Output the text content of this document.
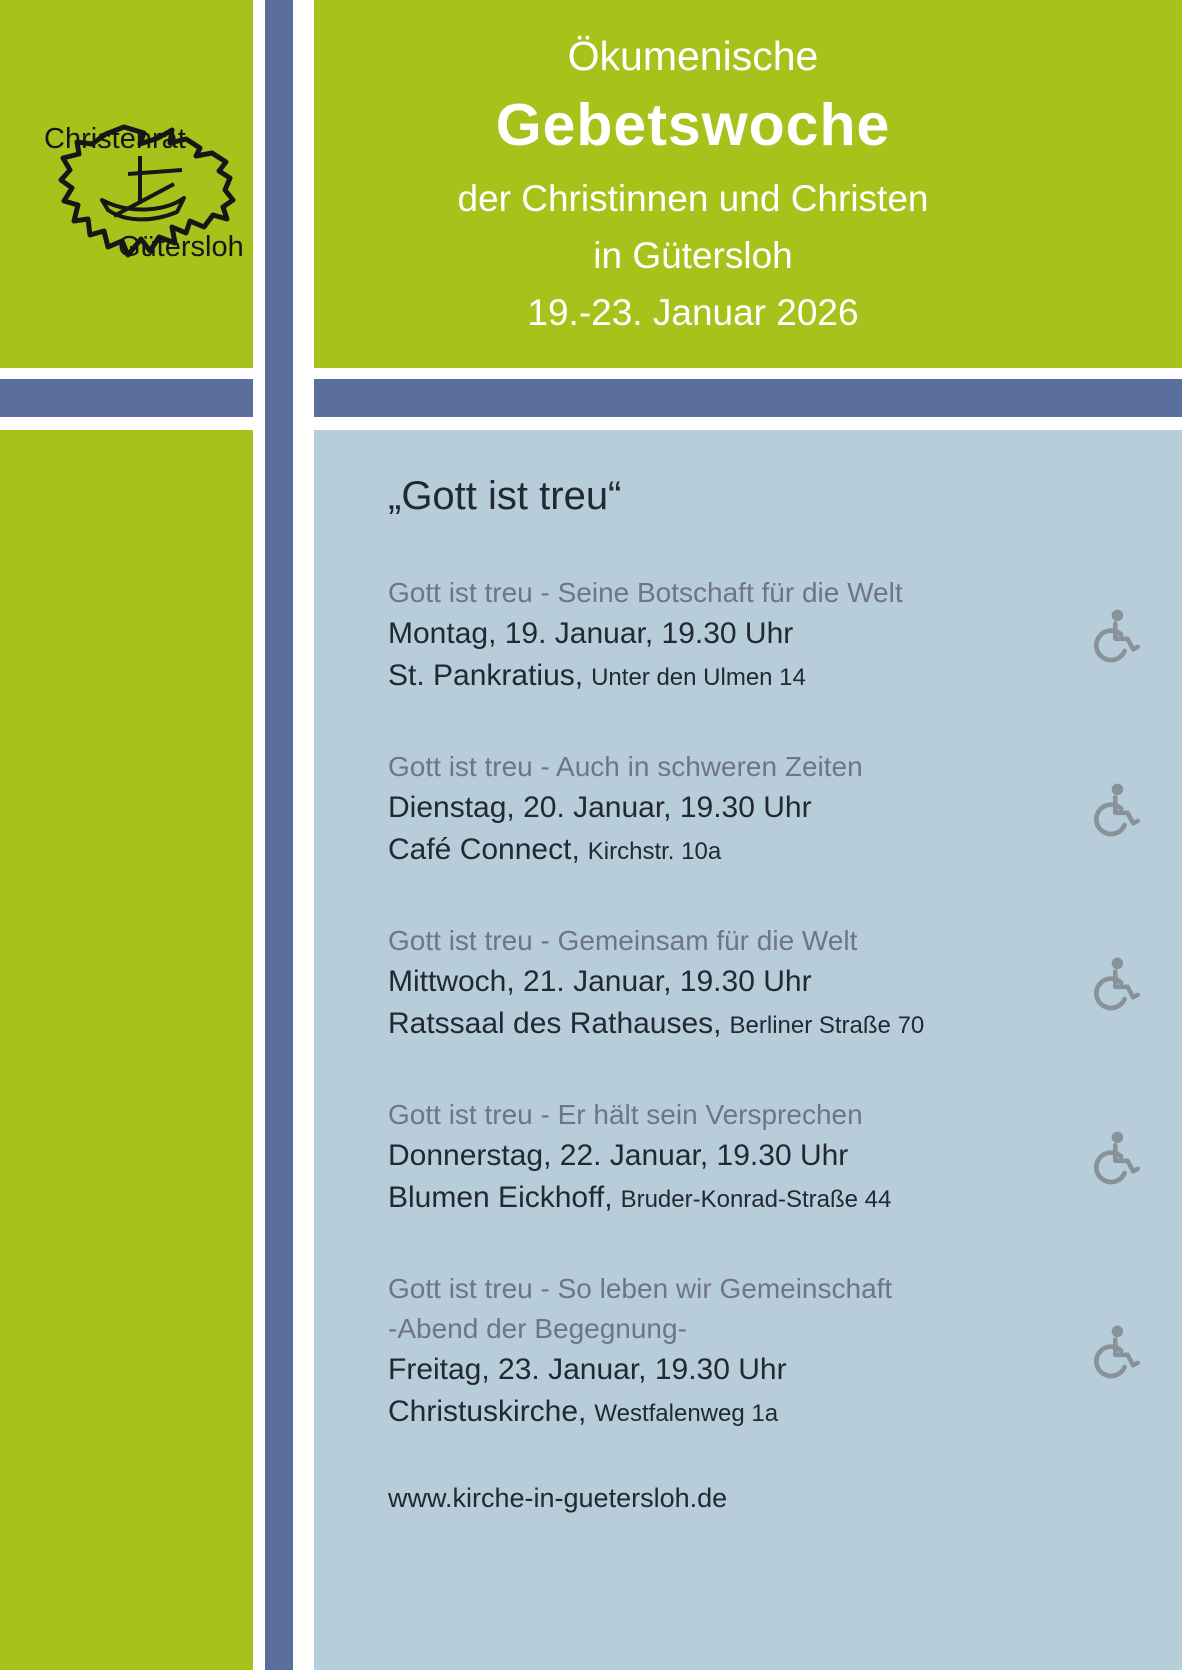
Christenrat
Gütersloh
Ökumenische
Gebetswoche
der Christinnen und Christen
in Gütersloh
19.-23. Januar 2026
„Gott ist treu“
Gott ist treu - Seine Botschaft für die Welt
Montag, 19. Januar, 19.30 Uhr
St. Pankratius, Unter den Ulmen 14
Gott ist treu - Auch in schweren Zeiten
Dienstag, 20. Januar, 19.30 Uhr
Café Connect, Kirchstr. 10a
Gott ist treu - Gemeinsam für die Welt
Mittwoch, 21. Januar, 19.30 Uhr
Ratssaal des Rathauses, Berliner Straße 70
Gott ist treu - Er hält sein Versprechen
Donnerstag, 22. Januar, 19.30 Uhr
Blumen Eickhoff, Bruder-Konrad-Straße 44
Gott ist treu - So leben wir Gemeinschaft
-Abend der Begegnung-
Freitag, 23. Januar, 19.30 Uhr
Christuskirche, Westfalenweg 1a
www.kirche-in-guetersloh.de
